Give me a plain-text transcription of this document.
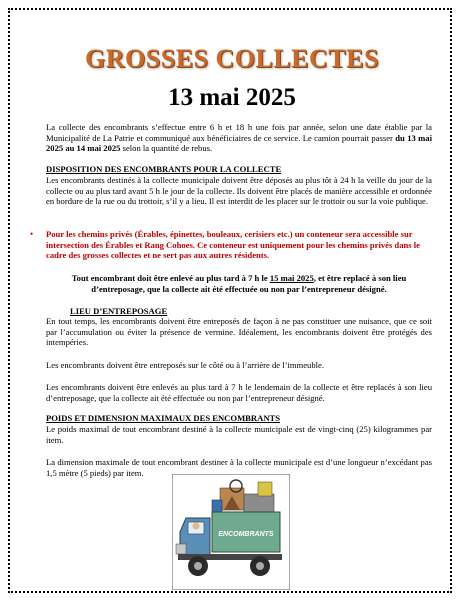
GROSSES COLLECTES
13 mai 2025
La collecte des encombrants s’effectue entre 6 h et 18 h une fois par année, selon une date établie par la Municipalité de La Patrie et communiqué aux bénéficiaires de ce service. Le camion pourrait passer du 13 mai 2025 au 14 mai 2025 selon la quantité de rebus.
DISPOSITION DES ENCOMBRANTS POUR LA COLLECTE
Les encombrants destinés à la collecte municipale doivent être déposés au plus tôt à 24 h la veille du jour de la collecte ou au plus tard avant 5 h le jour de la collecte. Ils doivent être placés de manière accessible et ordonnée en bordure de la rue ou du trottoir, s’il y a lieu. Il est interdit de les placer sur le trottoir ou sur la voie publique.
• Pour les chemins privés (Érables, épinettes, bouleaux, cerisiers etc.) un conteneur sera accessible sur intersection des Érables et Rang Cohoes. Ce conteneur est uniquement pour les chemins privés dans le cadre des grosses collectes et ne sert pas aux autres résidents.
Tout encombrant doit être enlevé au plus tard à 7 h le 15 mai 2025, et être replacé à son lieu d’entreposage, que la collecte ait été effectuée ou non par l’entrepreneur désigné.
LIEU D’ENTREPOSAGE
En tout temps, les encombrants doivent être entreposés de façon à ne pas constituer une nuisance, que ce soit par l’accumulation ou éviter la présence de vermine. Idéalement, les encombrants doivent être protégés des intempéries.
Les encombrants doivent être entreposés sur le côté ou à l’arrière de l’immeuble.
Les encombrants doivent être enlevés au plus tard à 7 h le lendemain de la collecte et être replacés à son lieu d’entreposage, que la collecte ait été effectuée ou non par l’entrepreneur désigné.
POIDS ET DIMENSION MAXIMAUX DES ENCOMBRANTS
Le poids maximal de tout encombrant destiné à la collecte municipale est de vingt-cinq (25) kilogrammes par item.
La dimension maximale de tout encombrant destiner à la collecte municipale est d’une longueur n’excédant pas 1,5 mètre (5 pieds) par item.
ENCOMBRANTS
